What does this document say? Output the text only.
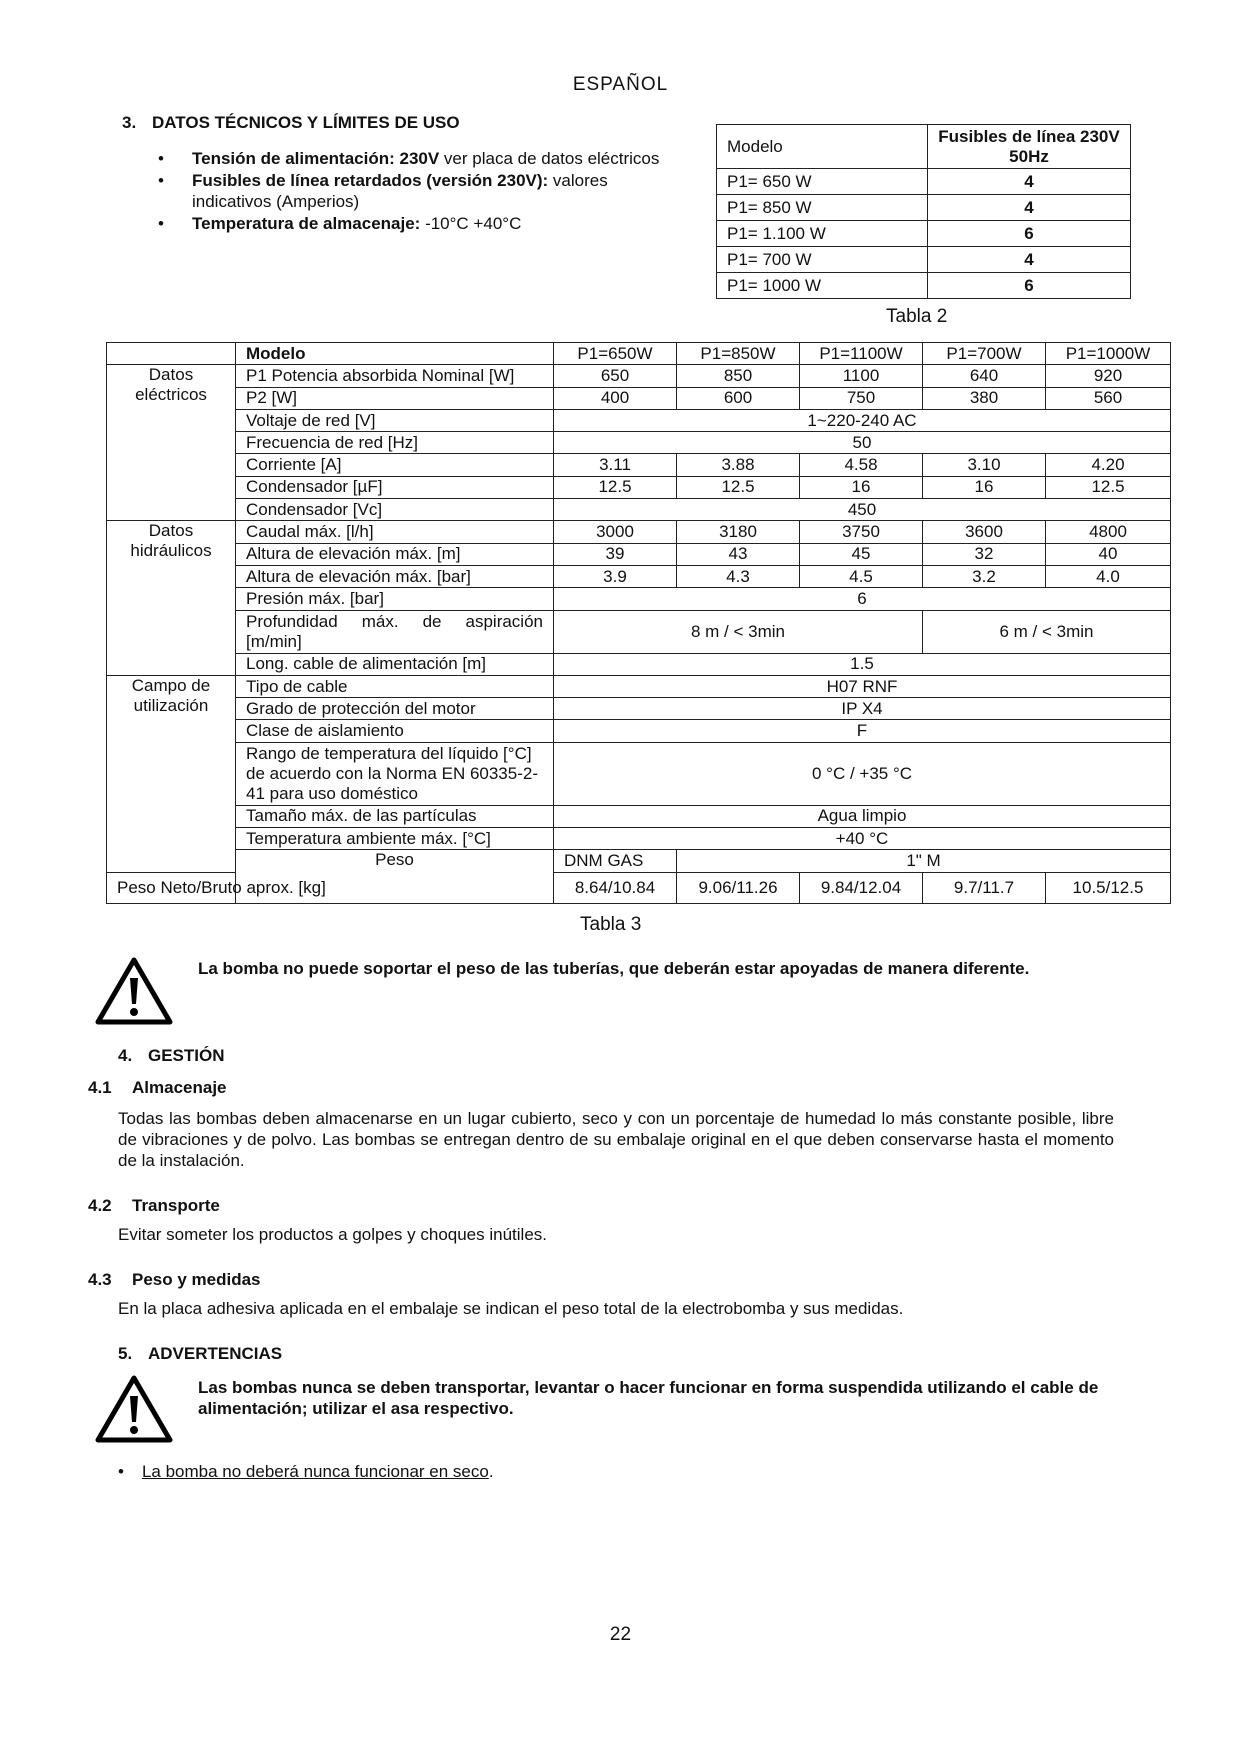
ESPAÑOL
3. DATOS TÉCNICOS Y LÍMITES DE USO
• Tensión de alimentación: 230V ver placa de datos eléctricos
• Fusibles de línea retardados (versión 230V): valores indicativos (Amperios)
• Temperatura de almacenaje: -10°C +40°C
Modelo	Fusibles de línea 230V 50Hz
P1= 650 W	4
P1= 850 W	4
P1= 1.100 W	6
P1= 700 W	4
P1= 1000 W	6
Tabla 2
	Modelo	P1=650W	P1=850W	P1=1100W	P1=700W	P1=1000W
Datos eléctricos	P1 Potencia absorbida Nominal [W]	650	850	1100	640	920
	P2 [W]	400	600	750	380	560
	Voltaje de red [V]	1~220-240 AC				
	Frecuencia de red [Hz]	50				
	Corriente [A]	3.11	3.88	4.58	3.10	4.20
	Condensador [µF]	12.5	12.5	16	16	12.5
	Condensador [Vc]	450				
Datos hidráulicos	Caudal máx. [l/h]	3000	3180	3750	3600	4800
	Altura de elevación máx. [m]	39	43	45	32	40
	Altura de elevación máx. [bar]	3.9	4.3	4.5	3.2	4.0
	Presión máx. [bar]	6				
	Profundidad máx. de aspiración [m/min]	8 m / < 3min			6 m / < 3min	
	Long. cable de alimentación [m]	1.5				
Campo de utilización	Tipo de cable	H07 RNF				
	Grado de protección del motor	IP X4				
	Clase de aislamiento	F				
	Rango de temperatura del líquido [°C] de acuerdo con la Norma EN 60335-2-41 para uso doméstico	0 °C / +35 °C				
	Tamaño máx. de las partículas	Agua limpio				
	Temperatura ambiente máx. [°C]	+40 °C				
	Peso	DNM GAS	1" M			
Peso Neto/Bruto aprox. [kg]		8.64/10.84	9.06/11.26	9.84/12.04	9.7/11.7	10.5/12.5
Tabla 3
La bomba no puede soportar el peso de las tuberías, que deberán estar apoyadas de manera diferente.
4. GESTIÓN
4.1 Almacenaje
Todas las bombas deben almacenarse en un lugar cubierto, seco y con un porcentaje de humedad lo más constante posible, libre de vibraciones y de polvo. Las bombas se entregan dentro de su embalaje original en el que deben conservarse hasta el momento de la instalación.
4.2 Transporte
Evitar someter los productos a golpes y choques inútiles.
4.3 Peso y medidas
En la placa adhesiva aplicada en el embalaje se indican el peso total de la electrobomba y sus medidas.
5. ADVERTENCIAS
Las bombas nunca se deben transportar, levantar o hacer funcionar en forma suspendida utilizando el cable de alimentación; utilizar el asa respectivo.
• La bomba no deberá nunca funcionar en seco.
22
